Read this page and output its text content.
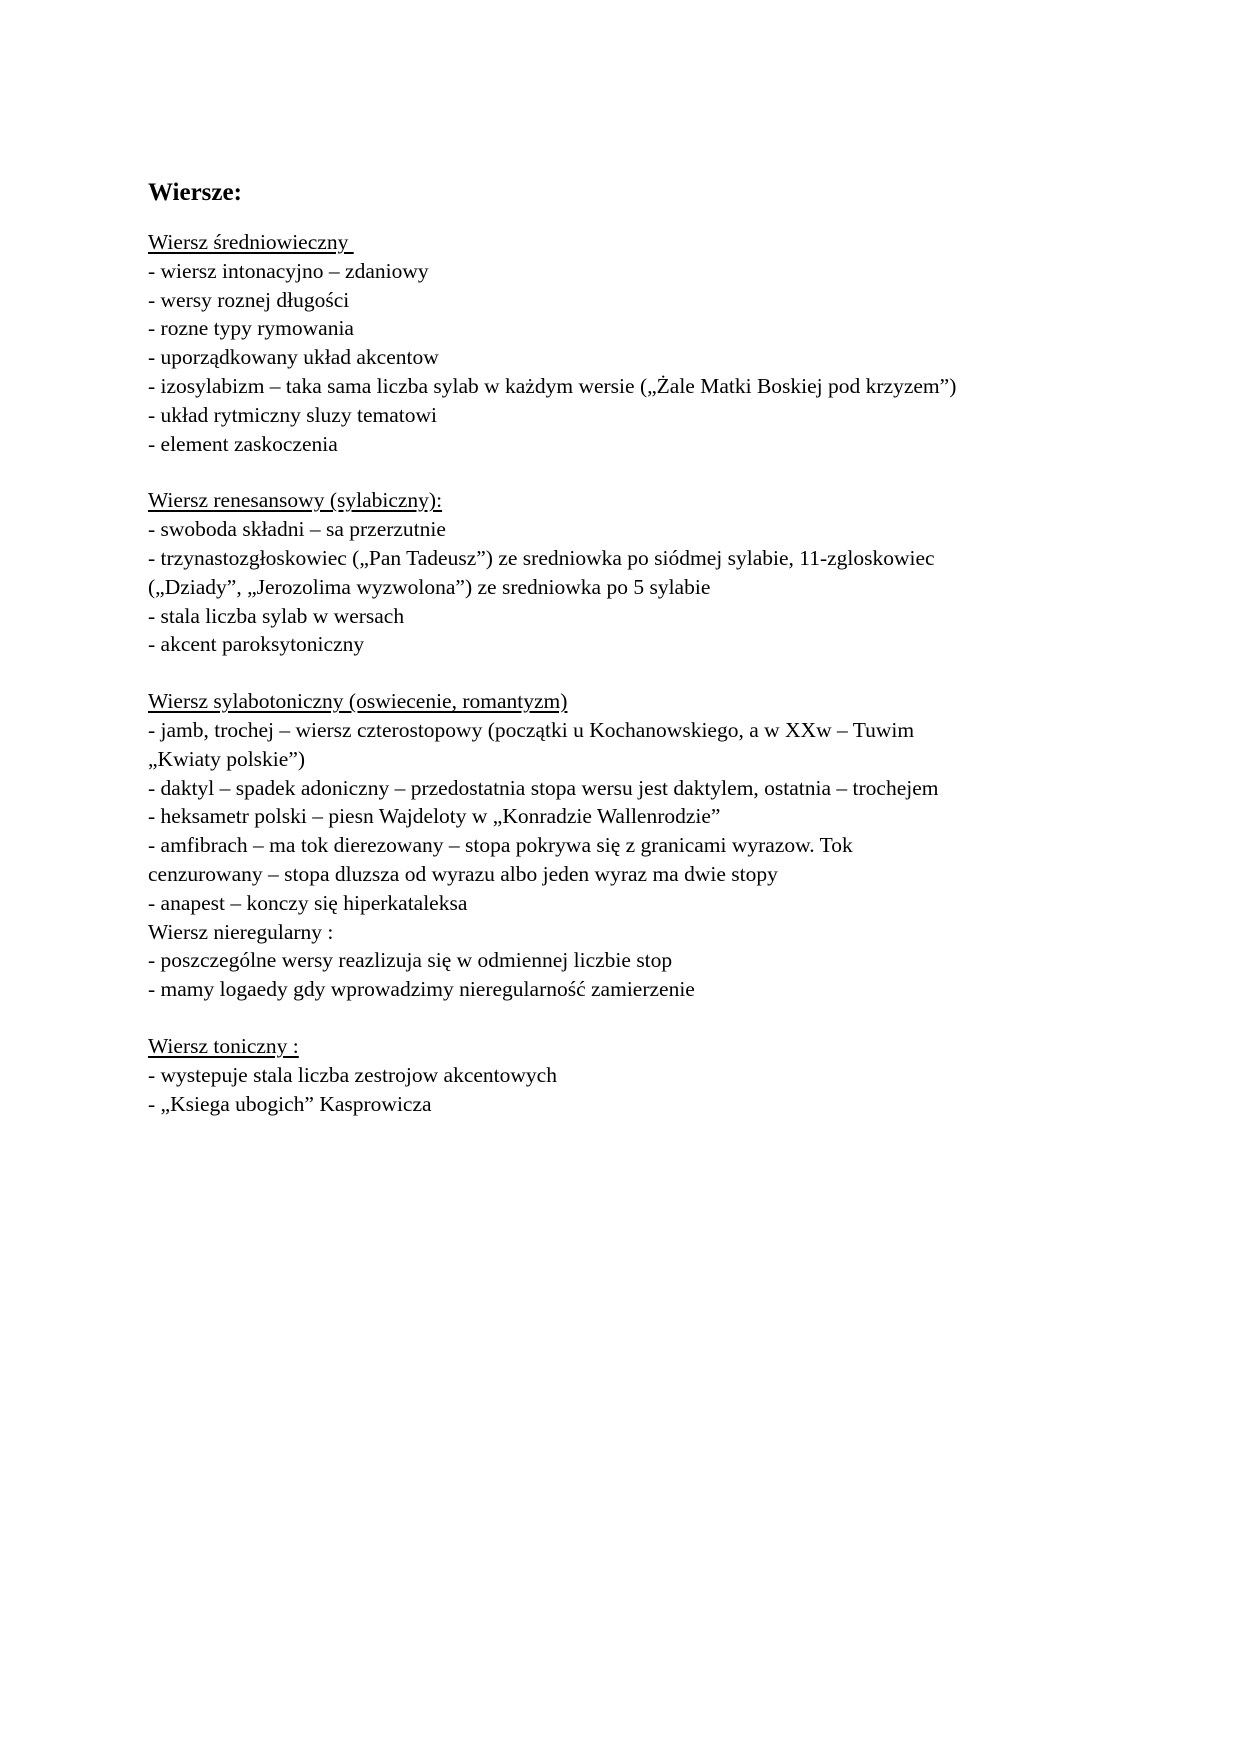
Wiersze:
Wiersz średniowieczny

- wiersz intonacyjno – zdaniowy

- wersy roznej długości

- rozne typy rymowania

- uporządkowany układ akcentow

- izosylabizm – taka sama liczba sylab w każdym wersie („Żale Matki Boskiej pod krzyzem”)

- układ rytmiczny sluzy tematowi

- element zaskoczenia

Wiersz renesansowy (sylabiczny):

- swoboda składni – sa przerzutnie

- trzynastozgłoskowiec („Pan Tadeusz”) ze sredniowka po siódmej sylabie, 11-zgloskowiec

(„Dziady”, „Jerozolima wyzwolona”) ze sredniowka po 5 sylabie

- stala liczba sylab w wersach

- akcent paroksytoniczny

Wiersz sylabotoniczny (oswiecenie, romantyzm)

- jamb, trochej – wiersz czterostopowy (początki u Kochanowskiego, a w XXw – Tuwim

„Kwiaty polskie”)

- daktyl – spadek adoniczny – przedostatnia stopa wersu jest daktylem, ostatnia – trochejem

- heksametr polski – piesn Wajdeloty w „Konradzie Wallenrodzie”

- amfibrach – ma tok dierezowany – stopa pokrywa się z granicami wyrazow. Tok

cenzurowany – stopa dluzsza od wyrazu albo jeden wyraz ma dwie stopy

- anapest – konczy się hiperkataleksa

Wiersz nieregularny :

- poszczególne wersy reazlizuja się w odmiennej liczbie stop

- mamy logaedy gdy wprowadzimy nieregularność zamierzenie

Wiersz toniczny :

- wystepuje stala liczba zestrojow akcentowych

- „Ksiega ubogich” Kasprowicza
